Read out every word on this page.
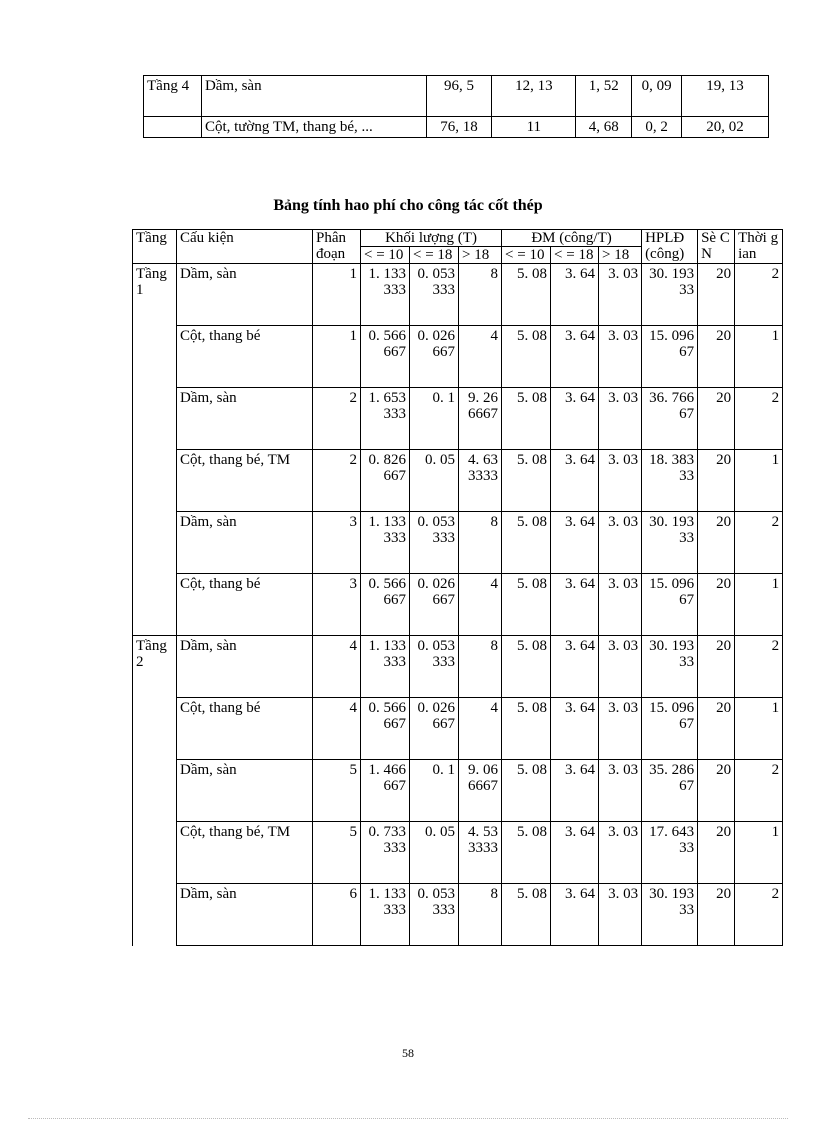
Tầng 4	Dầm, sàn	96, 5	12, 13	1, 52	0, 09	19, 13
	Cột, tường TM, thang bé, ...	76, 18	11	4, 68	0, 2	20, 02
Bảng tính hao phí cho công tác cốt thép
Tầng	Cấu kiện	Phân đoạn	Khối lượng (T)			ĐM (công/T)			HPLĐ (công)	Sè CN	Thời gian
			< = 10	< = 18	> 18	< = 10	< = 18	> 18			
Tầng 1	Dầm, sàn	1	1. 133333	0. 053333	8	5. 08	3. 64	3. 03	30. 19333	20	2
	Cột, thang bé	1	0. 566667	0. 026667	4	5. 08	3. 64	3. 03	15. 09667	20	1
	Dầm, sàn	2	1. 653333	0. 1	9. 266667	5. 08	3. 64	3. 03	36. 76667	20	2
	Cột, thang bé, TM	2	0. 826667	0. 05	4. 633333	5. 08	3. 64	3. 03	18. 38333	20	1
	Dầm, sàn	3	1. 133333	0. 053333	8	5. 08	3. 64	3. 03	30. 19333	20	2
	Cột, thang bé	3	0. 566667	0. 026667	4	5. 08	3. 64	3. 03	15. 09667	20	1
Tầng 2	Dầm, sàn	4	1. 133333	0. 053333	8	5. 08	3. 64	3. 03	30. 19333	20	2
	Cột, thang bé	4	0. 566667	0. 026667	4	5. 08	3. 64	3. 03	15. 09667	20	1
	Dầm, sàn	5	1. 466667	0. 1	9. 066667	5. 08	3. 64	3. 03	35. 28667	20	2
	Cột, thang bé, TM	5	0. 733333	0. 05	4. 533333	5. 08	3. 64	3. 03	17. 64333	20	1
	Dầm, sàn	6	1. 133333	0. 053333	8	5. 08	3. 64	3. 03	30. 19333	20	2
58
